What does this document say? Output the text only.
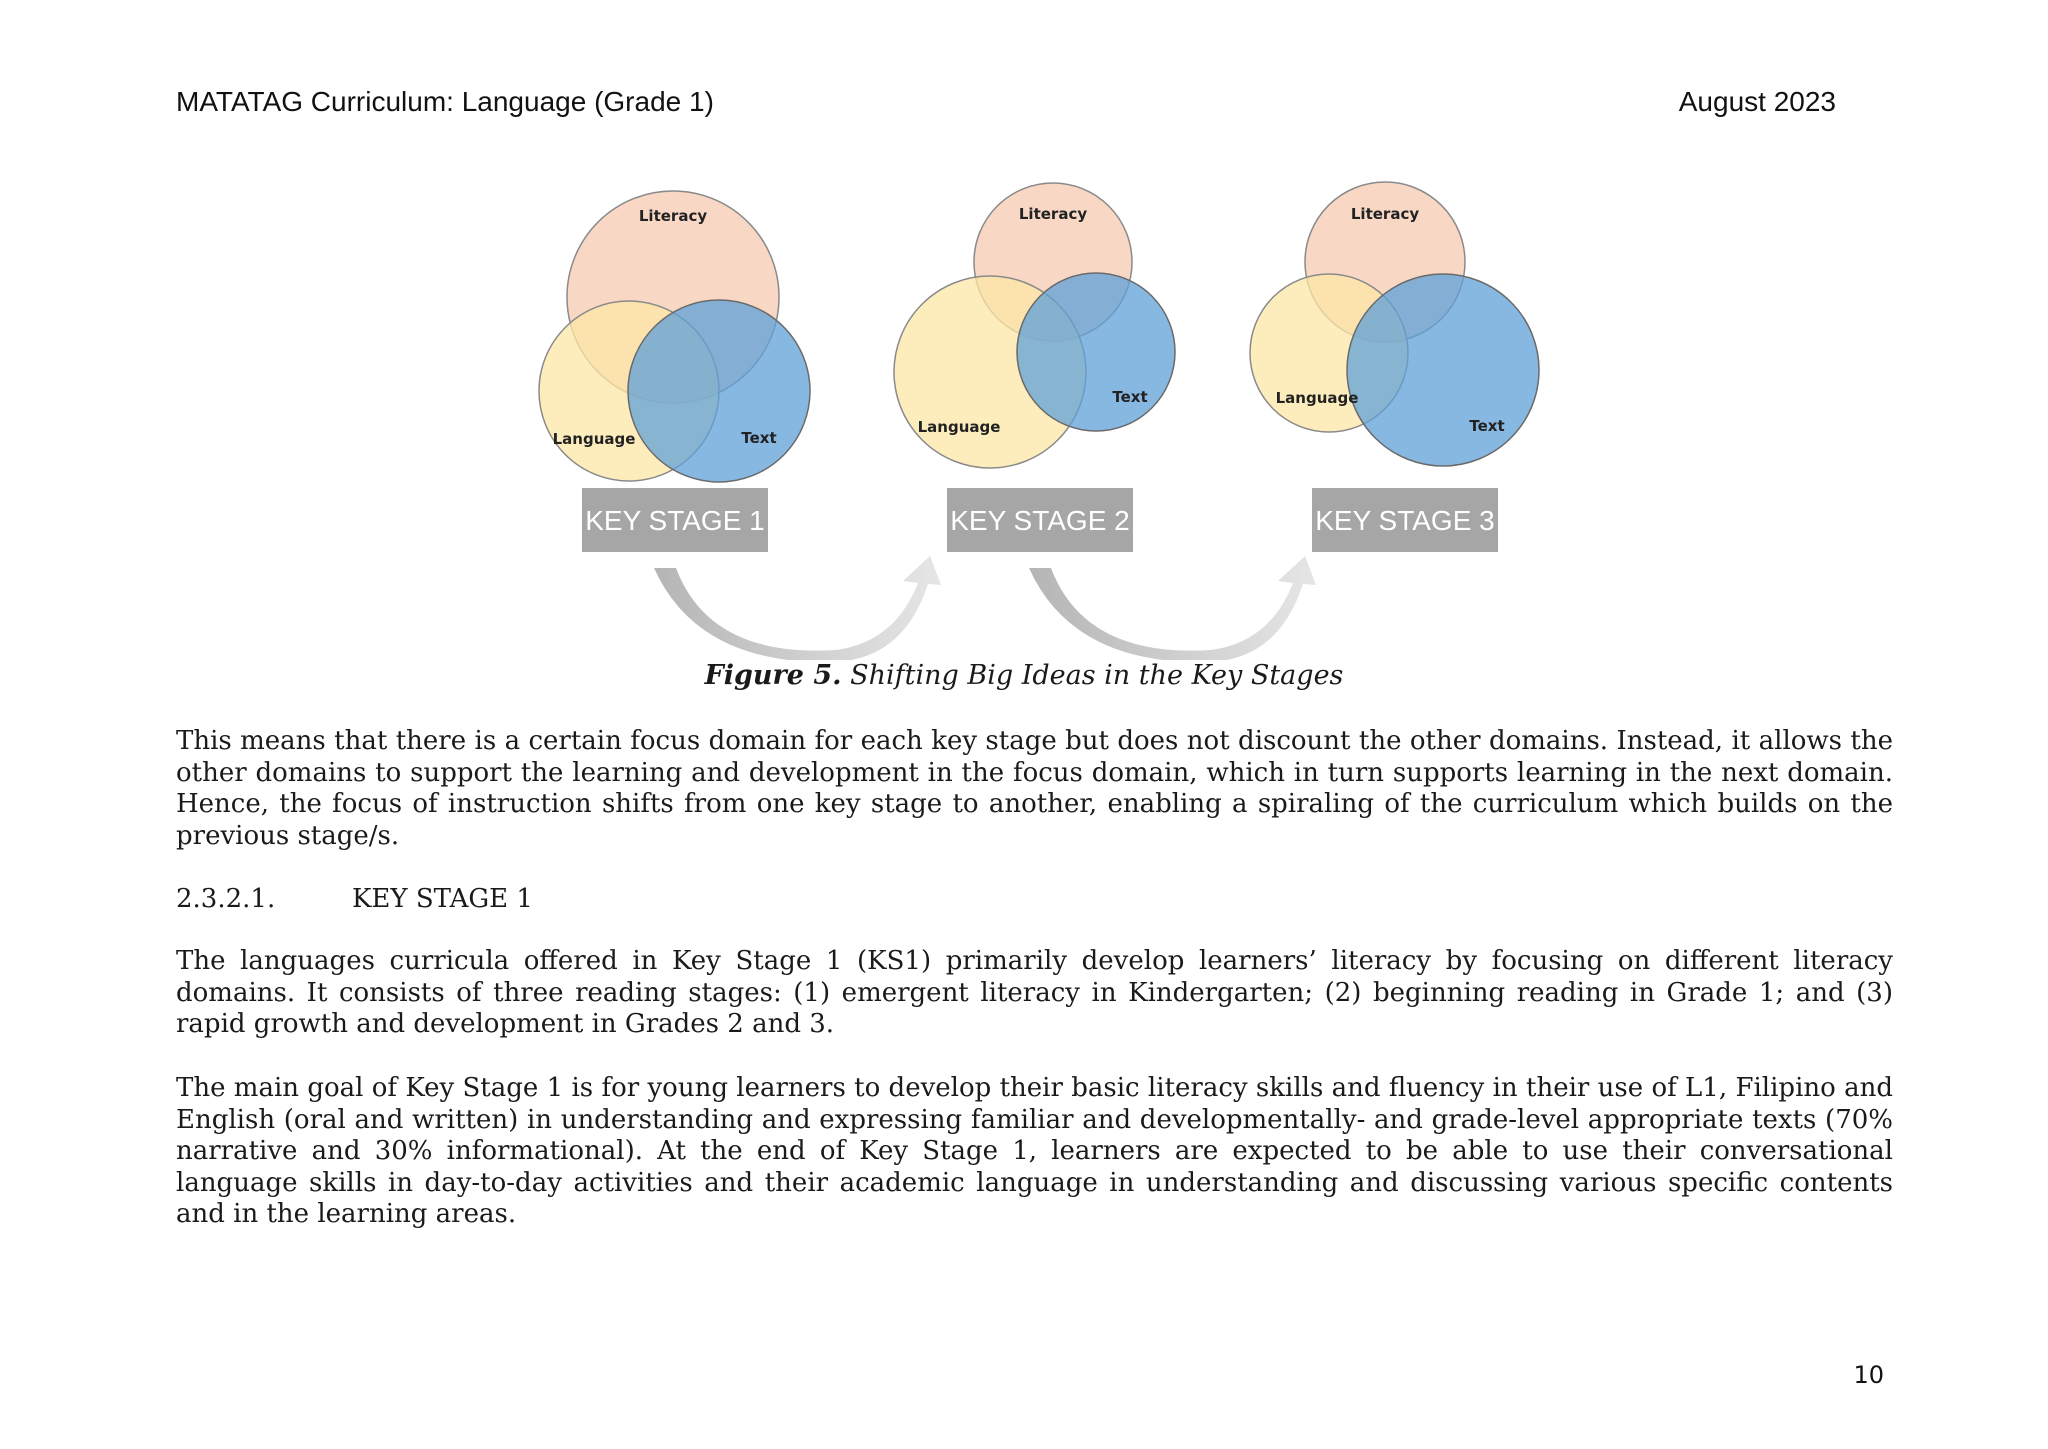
MATATAG Curriculum: Language (Grade 1)	August 2023
Literacy
Language	Text
Literacy
Language
Text
Literacy
Language
Text
KEY STAGE 1	KEY STAGE 2	KEY STAGE 3
Figure 5. Shifting Big Ideas in the Key Stages

This means that there is a certain focus domain for each key stage but does not discount the other domains. Instead, it allows the other domains to support the learning and development in the focus domain, which in turn supports learning in the next domain. Hence, the focus of instruction shifts from one key stage to another, enabling a spiraling of the curriculum which builds on the previous stage/s.

2.3.2.1.	KEY STAGE 1

The languages curricula offered in Key Stage 1 (KS1) primarily develop learners’ literacy by focusing on different literacy domains. It consists of three reading stages: (1) emergent literacy in Kindergarten; (2) beginning reading in Grade 1; and (3) rapid growth and development in Grades 2 and 3.

The main goal of Key Stage 1 is for young learners to develop their basic literacy skills and fluency in their use of L1, Filipino and English (oral and written) in understanding and expressing familiar and developmentally- and grade-level appropriate texts (70% narrative and 30% informational). At the end of Key Stage 1, learners are expected to be able to use their conversational language skills in day-to-day activities and their academic language in understanding and discussing various specific contents and in the learning areas.

10
